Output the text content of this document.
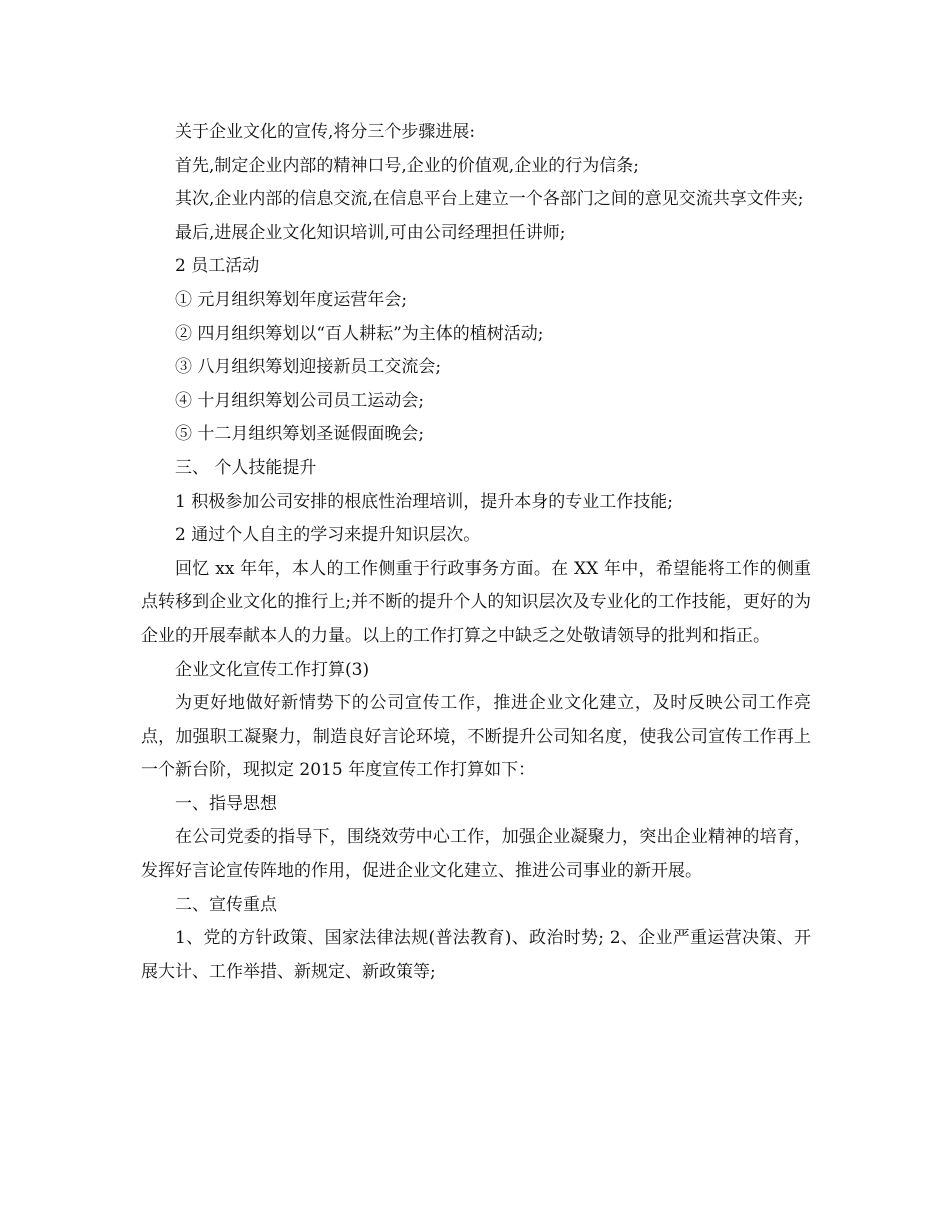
关于企业文化的宣传,将分三个步骤进展:

首先,制定企业内部的精神口号,企业的价值观,企业的行为信条;

其次,企业内部的信息交流,在信息平台上建立一个各部门之间的意见交流共享文件夹;

最后,进展企业文化知识培训,可由公司经理担任讲师;

2 员工活动

① 元月组织筹划年度运营年会;

② 四月组织筹划以“百人耕耘”为主体的植树活动;

③ 八月组织筹划迎接新员工交流会;

④ 十月组织筹划公司员工运动会;

⑤ 十二月组织筹划圣诞假面晚会;

三、 个人技能提升

1 积极参加公司安排的根底性治理培训，提升本身的专业工作技能;

2 通过个人自主的学习来提升知识层次。

回忆 xx 年年，本人的工作侧重于行政事务方面。在 XX 年中，希望能将工作的侧重点转移到企业文化的推行上;并不断的提升个人的知识层次及专业化的工作技能，更好的为企业的开展奉献本人的力量。以上的工作打算之中缺乏之处敬请领导的批判和指正。

企业文化宣传工作打算(3)

为更好地做好新情势下的公司宣传工作，推进企业文化建立，及时反映公司工作亮点，加强职工凝聚力，制造良好言论环境，不断提升公司知名度，使我公司宣传工作再上一个新台阶，现拟定 2015 年度宣传工作打算如下：

一、指导思想

在公司党委的指导下，围绕效劳中心工作，加强企业凝聚力，突出企业精神的培育，发挥好言论宣传阵地的作用，促进企业文化建立、推进公司事业的新开展。

二、宣传重点

1、党的方针政策、国家法律法规(普法教育)、政治时势; 2、企业严重运营决策、开展大计、工作举措、新规定、新政策等;
